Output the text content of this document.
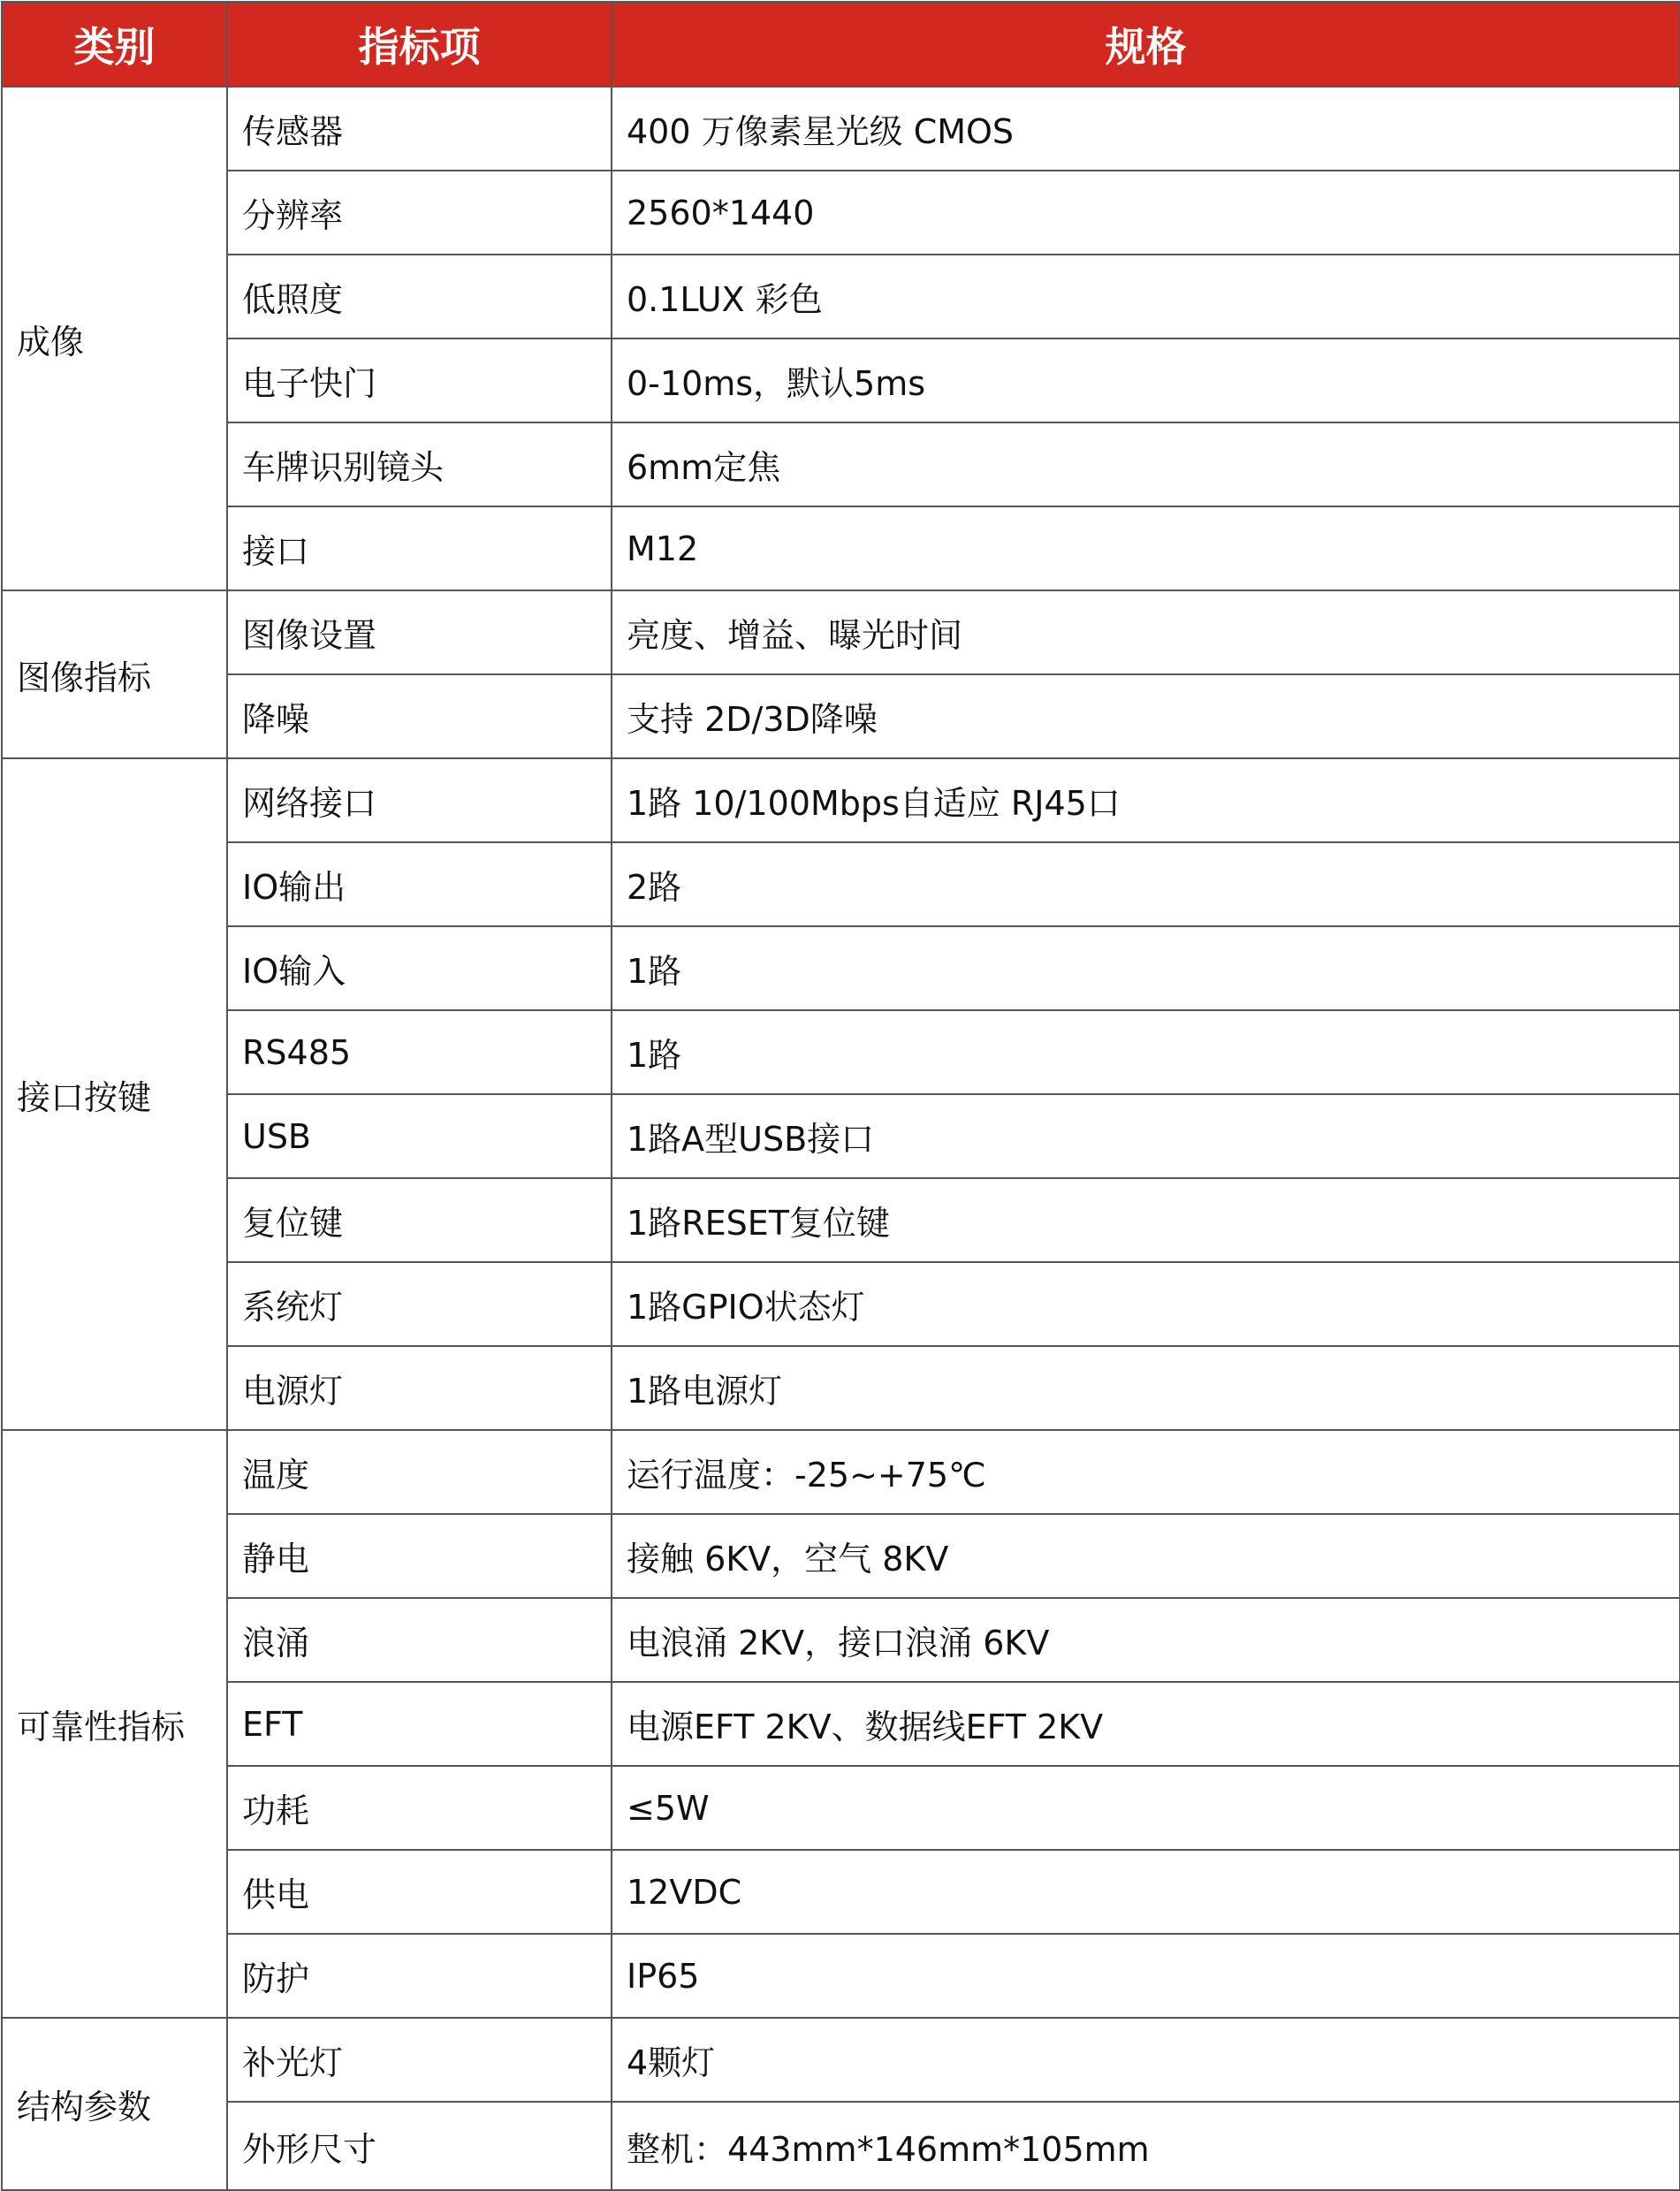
类别	指标项	规格
成像	传感器	400 万像素星光级 CMOS
	分辨率	2560*1440
	低照度	0.1LUX 彩色
	电子快门	0-10ms，默认5ms
	车牌识别镜头	6mm定焦
	接口	M12
图像指标	图像设置	亮度、增益、曝光时间
	降噪	支持 2D/3D降噪
接口按键	网络接口	1路 10/100Mbps自适应 RJ45口
	IO输出	2路
	IO输入	1路
	RS485	1路
	USB	1路A型USB接口
	复位键	1路RESET复位键
	系统灯	1路GPIO状态灯
	电源灯	1路电源灯
可靠性指标	温度	运行温度：-25~+75℃
	静电	接触 6KV，空气 8KV
	浪涌	电浪涌 2KV，接口浪涌 6KV
	EFT	电源EFT 2KV、数据线EFT 2KV
	功耗	≤5W
	供电	12VDC
	防护	IP65
结构参数	补光灯	4颗灯
	外形尺寸	整机：443mm*146mm*105mm
